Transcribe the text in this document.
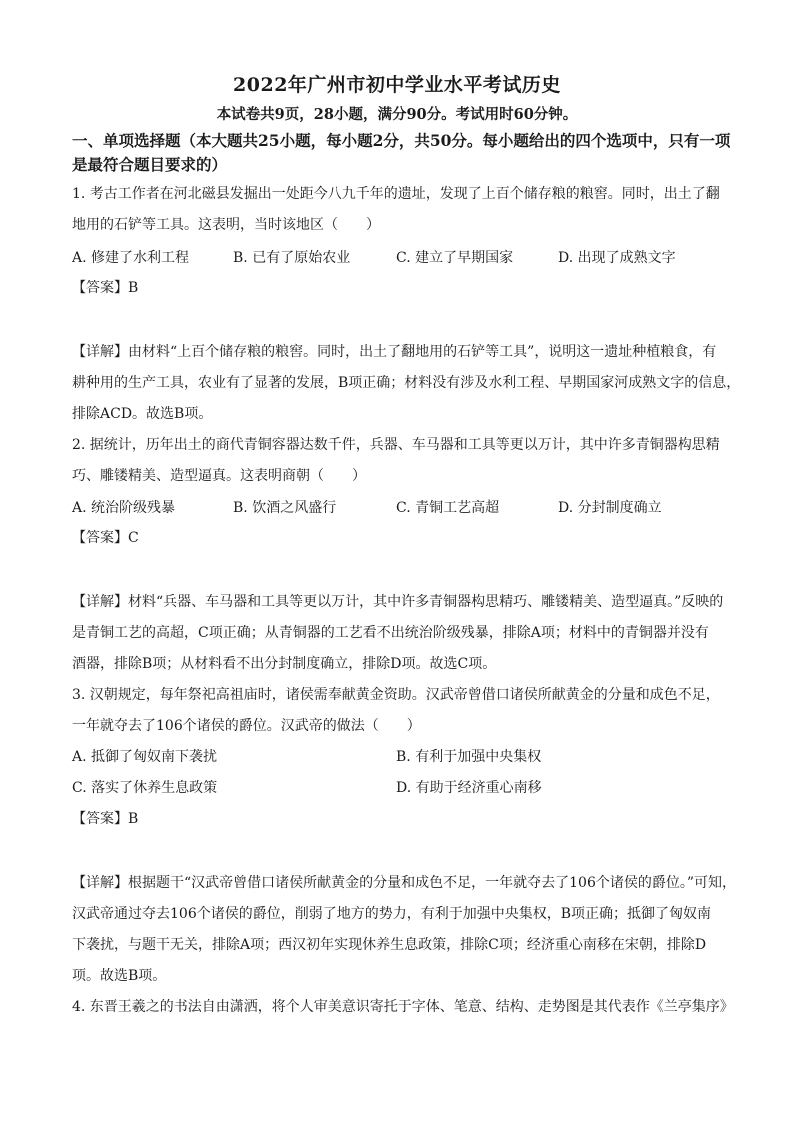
2022年广州市初中学业水平考试历史
本试卷共9页，28小题，满分90分。考试用时60分钟。
一、单项选择题（本大题共25小题，每小题2分，共50分。每小题给出的四个选项中，只有一项是最符合题目要求的）
1. 考古工作者在河北磁县发掘出一处距今八九千年的遗址，发现了上百个储存粮的粮窖。同时，出土了翻
地用的石铲等工具。这表明，当时该地区（　　）
A. 修建了水利工程	B. 已有了原始农业	C. 建立了早期国家	D. 出现了成熟文字
【答案】B
【详解】由材料“上百个储存粮的粮窖。同时，出土了翻地用的石铲等工具”，说明这一遗址种植粮食，有
耕种用的生产工具，农业有了显著的发展，B项正确；材料没有涉及水利工程、早期国家河成熟文字的信息，
排除ACD。故选B项。
2. 据统计，历年出土的商代青铜容器达数千件，兵器、车马器和工具等更以万计，其中许多青铜器构思精
巧、雕镂精美、造型逼真。这表明商朝（　　）
A. 统治阶级残暴	B. 饮酒之风盛行	C. 青铜工艺高超	D. 分封制度确立
【答案】C
【详解】材料“兵器、车马器和工具等更以万计，其中许多青铜器构思精巧、雕镂精美、造型逼真。”反映的
是青铜工艺的高超，C项正确；从青铜器的工艺看不出统治阶级残暴，排除A项；材料中的青铜器并没有
酒器，排除B项；从材料看不出分封制度确立，排除D项。故选C项。
3. 汉朝规定，每年祭祀高祖庙时，诸侯需奉献黄金资助。汉武帝曾借口诸侯所献黄金的分量和成色不足，
一年就夺去了106个诸侯的爵位。汉武帝的做法（　　）
A. 抵御了匈奴南下袭扰	B. 有利于加强中央集权
C. 落实了休养生息政策	D. 有助于经济重心南移
【答案】B
【详解】根据题干“汉武帝曾借口诸侯所献黄金的分量和成色不足，一年就夺去了106个诸侯的爵位。”可知，
汉武帝通过夺去106个诸侯的爵位，削弱了地方的势力，有利于加强中央集权，B项正确；抵御了匈奴南
下袭扰，与题干无关，排除A项；西汉初年实现休养生息政策，排除C项；经济重心南移在宋朝，排除D
项。故选B项。
4. 东晋王羲之的书法自由潇洒，将个人审美意识寄托于字体、笔意、结构、走势图是其代表作《兰亭集序》
